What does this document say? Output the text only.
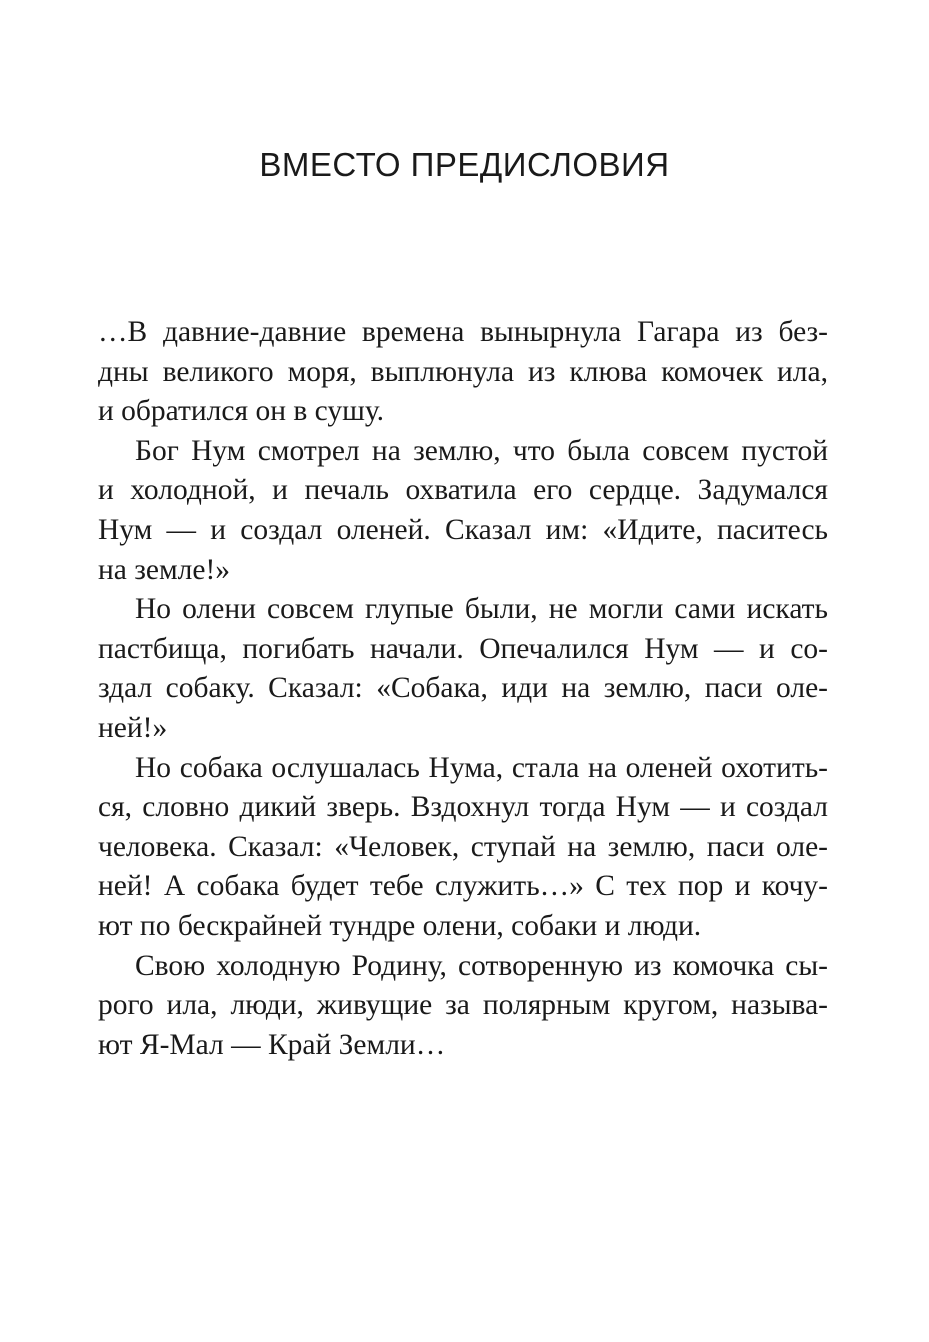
ВМЕСТО ПРЕДИСЛОВИЯ
…В давние-давние времена вынырнула Гагара из без-
дны великого моря, выплюнула из клюва комочек ила,
и обратился он в сушу.
Бог Нум смотрел на землю, что была совсем пустой
и холодной, и печаль охватила его сердце. Задумался
Нум — и создал оленей. Сказал им: «Идите, паситесь
на земле!»
Но олени совсем глупые были, не могли сами искать
пастбища, погибать начали. Опечалился Нум — и со-
здал собаку. Сказал: «Собака, иди на землю, паси оле-
ней!»
Но собака ослушалась Нума, стала на оленей охотить-
ся, словно дикий зверь. Вздохнул тогда Нум — и создал
человека. Сказал: «Человек, ступай на землю, паси оле-
ней! А собака будет тебе служить…» С тех пор и кочу-
ют по бескрайней тундре олени, собаки и люди.
Свою холодную Родину, сотворенную из комочка сы-
рого ила, люди, живущие за полярным кругом, называ-
ют Я-Мал — Край Земли…
